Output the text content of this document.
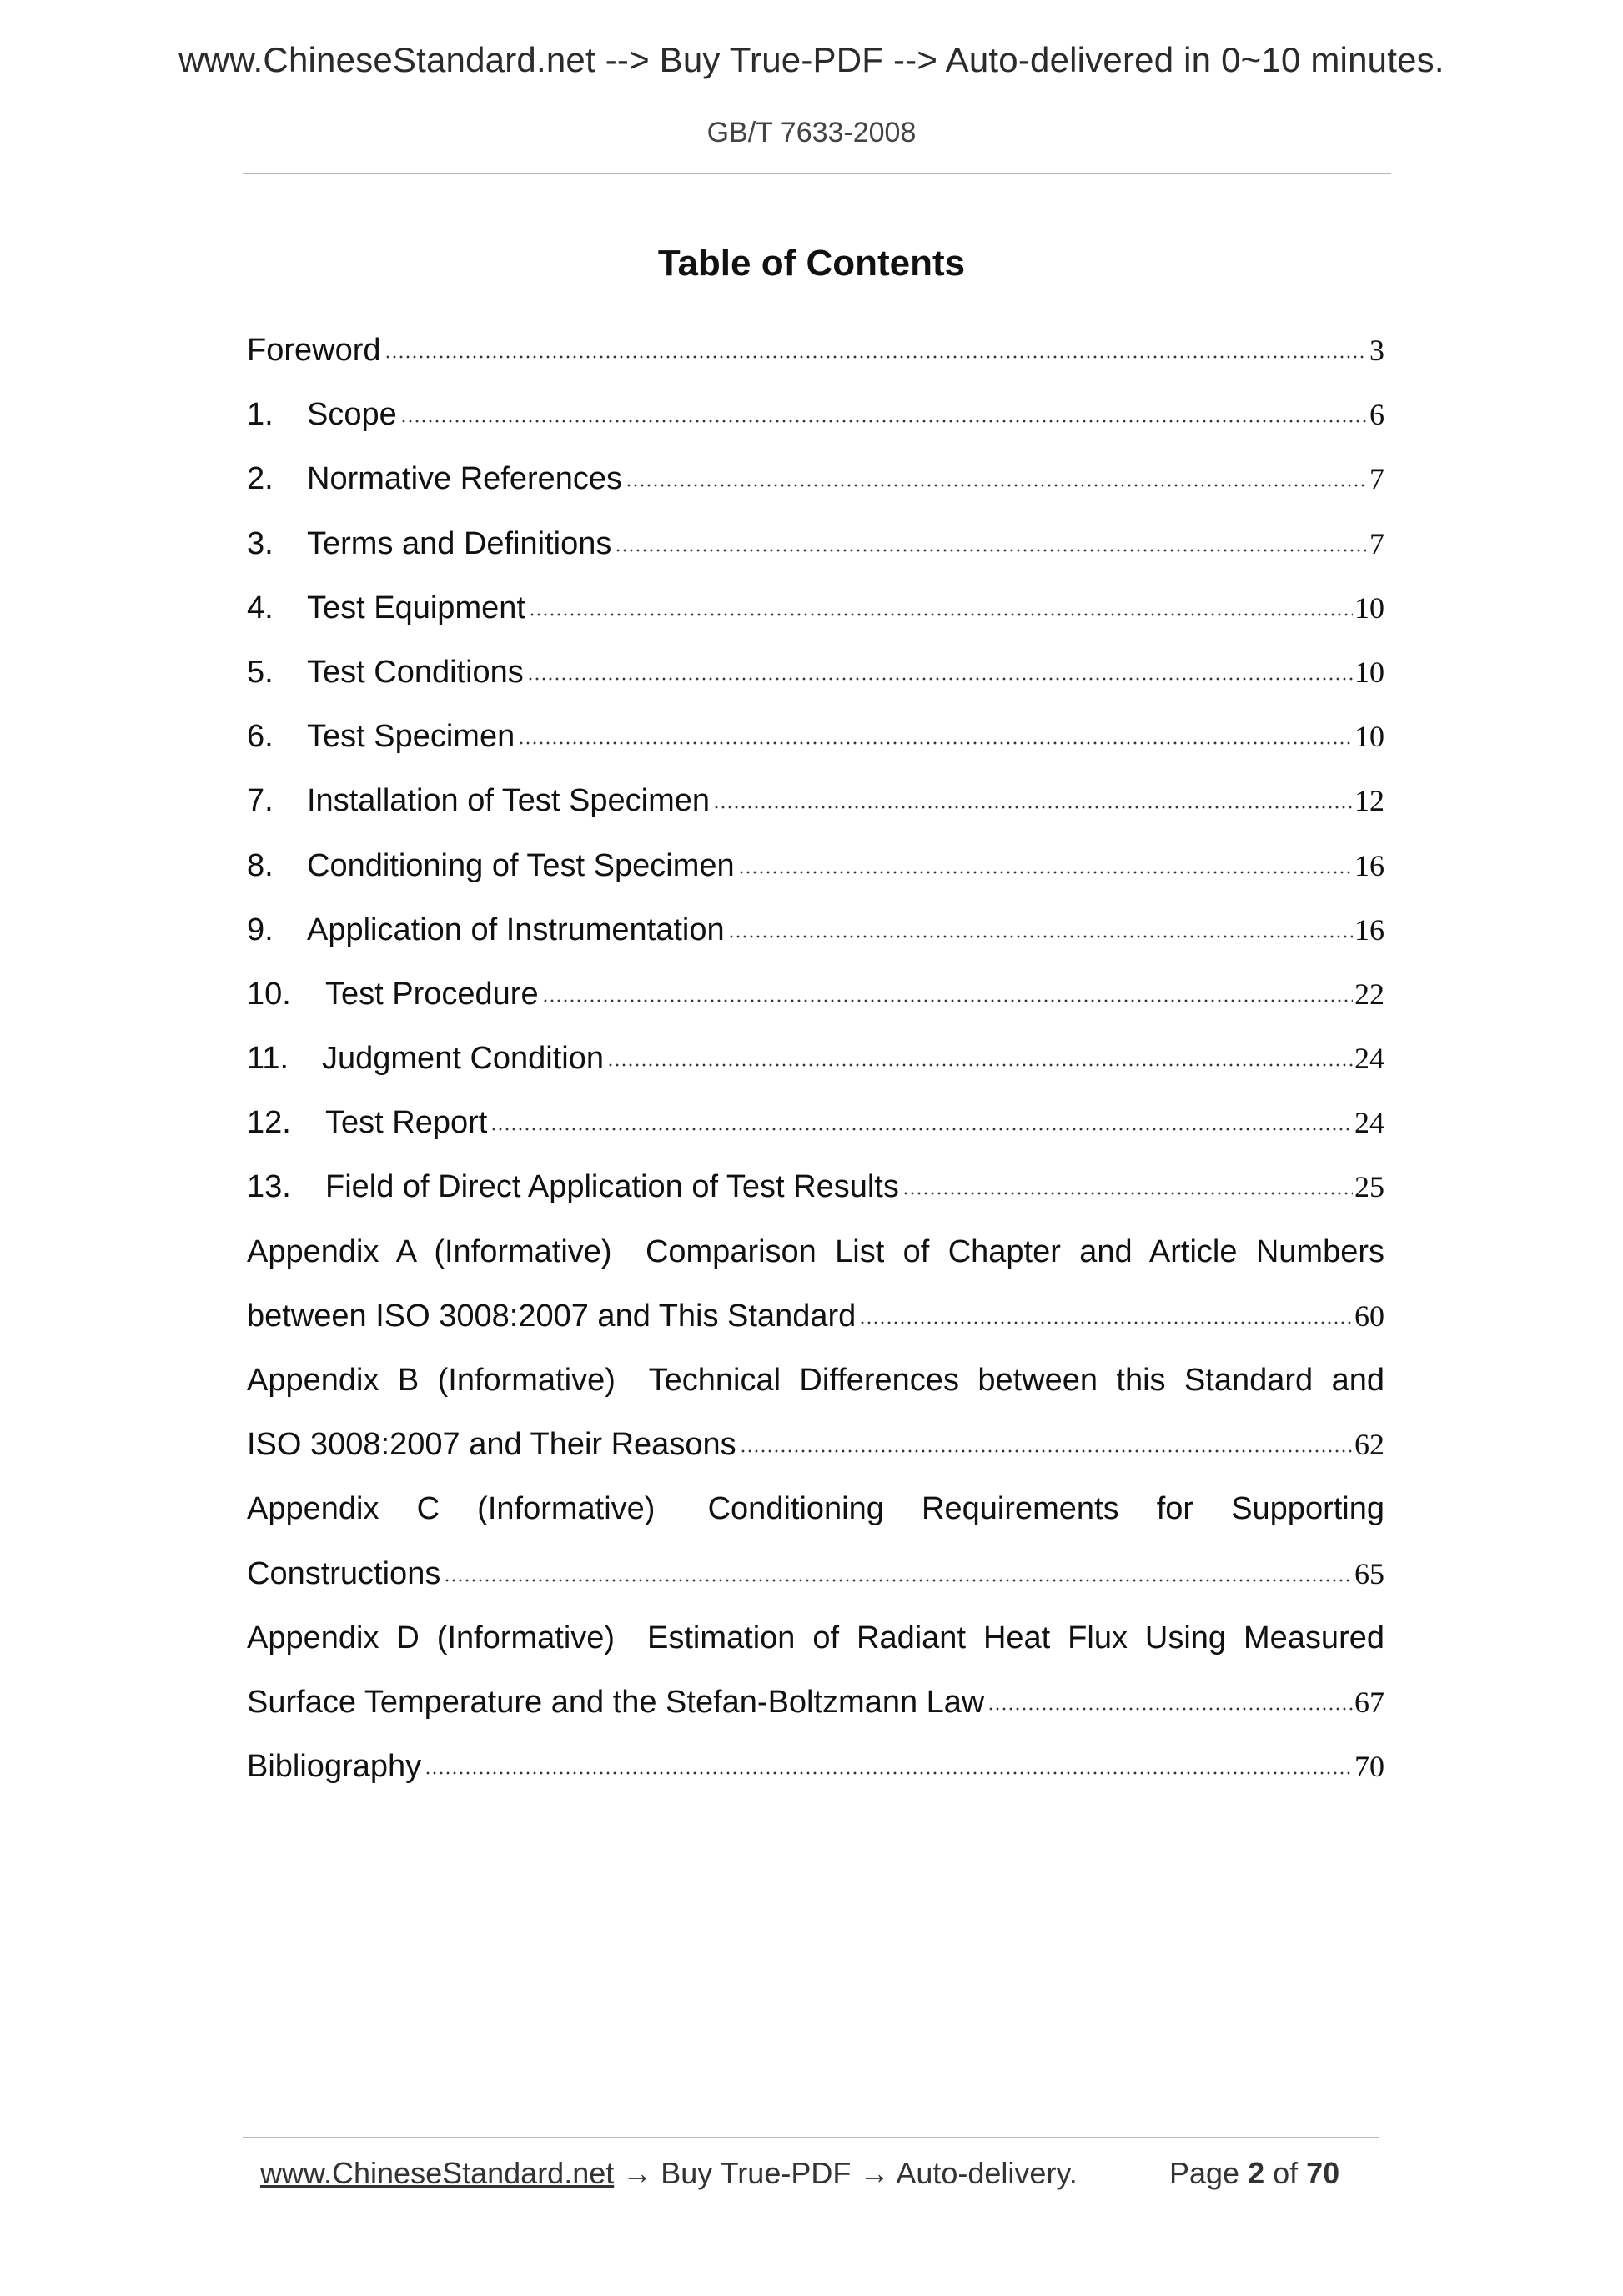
www.ChineseStandard.net --> Buy True-PDF --> Auto-delivered in 0~10 minutes.
GB/T 7633-2008
Table of Contents
Foreword	3
1.	Scope	6
2.	Normative References	7
3.	Terms and Definitions	7
4.	Test Equipment	10
5.	Test Conditions	10
6.	Test Specimen	10
7.	Installation of Test Specimen	12
8.	Conditioning of Test Specimen	16
9.	Application of Instrumentation	16
10.	Test Procedure	22
11.	Judgment Condition	24
12.	Test Report	24
13.	Field of Direct Application of Test Results	25
Appendix A (Informative) Comparison List of Chapter and Article Numbers
between ISO 3008:2007 and This Standard	60
Appendix B (Informative) Technical Differences between this Standard and
ISO 3008:2007 and Their Reasons	62
Appendix C (Informative) Conditioning Requirements for Supporting
Constructions	65
Appendix D (Informative) Estimation of Radiant Heat Flux Using Measured
Surface Temperature and the Stefan-Boltzmann Law	67
Bibliography	70
www.ChineseStandard.net → Buy True-PDF → Auto-delivery.	Page 2 of 70
